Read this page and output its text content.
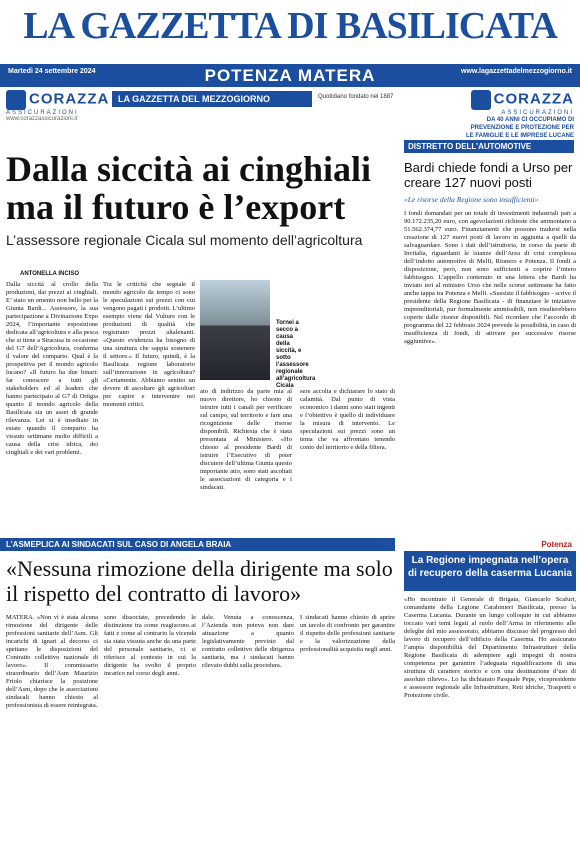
LA GAZZETTA DI BASILICATA
Martedì 24 settembre 2024	POTENZA MATERA	www.lagazzettadelmezzogiorno.it
LA GAZZETTA DEL MEZZOGIORNO	Quotidiano fondato nel 1887
CORAZZA
ASSICURAZIONI
www.corazzassicurazioni.it
CORAZZA
ASSICURAZIONI
DA 40 ANNI CI OCCUPIAMO DI
PREVENZIONE E PROTEZIONE PER
LE FAMIGLIE E LE IMPRESE LUCANE
Dalla siccità ai cinghiali ma il futuro è l’export
L’assessore regionale Cicala sul momento dell’agricoltura
ANTONELLA INCISO
Dalla siccità al crollo della produzioni, dai prezzi ai cinghiali. E’ stato un omento non bello per la Giunta Bardi... Assessore, la sua partecipazione a Divinazione Expo 2024, l’importante esposizione dedicata all’agricoltura e alla pesca che si tiene a Siracusa in occasione del G7 dell’Agricoltura, conferma il valore del comparto. Qual è la prospettiva per il mondo agricolo lucano? «Il futuro ha due binari: far conoscere a tutti gli stakeholders ed al leaders che hanno partecipato al G7 di Ortigia quanto il mondo agricolo della Basilicata sia un asset di grande rilevanza. Lei si è insediato in estate quando il comparto ha vissuto settimane molto difficili a causa della crisi idrica, dei cinghiali e dei vari problemi.
Tra le criticità che segnale il mondo agricolo da tempo ci sono le speculazioni sui prezzi con cui vengono pagati i prodotti. L’ultimo esempio viene dal Vulture con le produzioni di qualità che registrano prezzi altalenanti. «Questo evidenzia ha bisogno di una struttura che sappia sostenere il settore.» Il futuro, quindi, è la Basilicata regione laboratorio sull’innovazione in agricoltura? «Certamente. Abbiamo sentito un dovere di ascoltare gli agricoltori per capire e intervenire nei momenti critici.
Tornei a secco a causa della siccità, e sotto l’assessore regionale all’agricoltura Cicala
ato di indirizzo da parte mia al nuovo direttore, ho chiesto di istruire tutti i canali per verificare sul campo, sul territorio e fare una ricognizione delle risorse disponibili. Richiesta che è stata presentata al Ministero. «Ho chiesto al presidente Bardi di istruire l’Esecutivo di poter discutere dell’ultima Giunta questo importante atto, sono stati ascoltati le associazioni di categoria e i sindacati.
sere accolta e dichiarare lo stato di calamità. Dal punto di vista economico i danni sono stati ingenti e l’obiettivo è quello di individuare la misura di intervento. Le speculazioni sui prezzi sono un tema che va affrontato tenendo conto del territorio e della filiera.
DISTRETTO DELL’AUTOMOTIVE
Bardi chiede fondi a Urso per creare 127 nuovi posti
«Le risorse della Regione sono insufficienti»
I fondi domandati per un totale di investimenti industriali pari a 90.172.235,20 euro, con agevolazioni richieste che ammontano a 51.562.374,77 euro. Finanziamenti che possono tradursi nella creazione di 127 nuovi posti di lavoro in aggiunta a quelli da salvaguardare. Sono i dati dell’istruttoria, in corso da parte di Invitalia, riguardanti le istanze dell’Area di crisi complessa dell’indotto automotive di Melfi, Rionero e Potenza. Il fondi a disposizione, però, non sono sufficienti a coprire l’intero fabbisogno. L’appello contenuto in una lettera che Bardi ha inviato ieri al ministro Urso che nelle scorse settimane ha fatto anche tappa tra Potenza e Melfi. «Sussiste il fabbisogno - scrive il presidente della Regione Basilicata - di finanziare le iniziative imprenditoriali, pur formalmente ammissibili, non risulterebbero coperte dalle risorse disponibili. Nel ricordare che l’accordo di programma del 22 febbraio 2024 prevede la possibilità, in caso di insufficienza di fondi, di attivare per successive risorse aggiuntive».
L’ASMEPLICA AI SINDACATI SUL CASO DI ANGELA BRAIA
«Nessuna rimozione della dirigente ma solo il rispetto del contratto di lavoro»
MATERA. «Non vi è stata alcuna rimozione del dirigente delle professioni sanitarie dell’Asm. Gli incarichi di ignari al decorso ci spettano le disposizioni del Contratto collettivo nazionale di lavoro». Il commissario straordinario dell’Asm Maurizio Friolo chiarisce la posizione dell’Asm, dopo che le associazioni sindacali hanno chiesto al professionista di essere reintegrata.
sono dissociate, precedendo le distinzione tra come reagiscono ai fatti e come al contrario la vicenda sia stata vissuta anche da una parte del personale sanitario, ci si riferisce al contesto in cui la dirigente ha svolto il proprio incarico nel corso degli anni.
dale. Venuta a conoscenza, l’Azienda non poteva non dare attuazione a quanto legislativamente previsto dal contratto collettivo delle dirigenza sanitaria, ma i sindacati hanno rilevato dubbi sulla procedura.
I sindacati hanno chiesto di aprire un tavolo di confronto per garantire il rispetto delle professioni sanitarie e la valorizzazione della professionalità acquisita negli anni.
Potenza
La Regione impegnata nell’opera di recupero della caserma Lucania
«Ho incontrato il Generale di Brigata, Giancarlo Scafuri, comandante della Legione Carabinieri Basilicata, presso la Caserma Lucania. Durante un lungo colloquio in cui abbiamo toccato vari temi legati al ruolo dell’Arma in riferimento alle deleghe del mio assessorato, abbiamo discusso del progresso del lavoro di recupero dell’edificio della Caserma. Ho assicurato l’ampia disponibilità del Dipartimento Infrastrutture della Regione Basilicata di adempiere agli impegni di nostra competenza per garantire l’adeguata riqualificazione di una struttura di carattere storico e con una destinazione d’uso di assoluto rilievo». Lo ha dichiarato Pasquale Pepe, vicepresidente e assessore regionale alle Infrastrutture, Reti idriche, Trasporti e Protezione civile.
